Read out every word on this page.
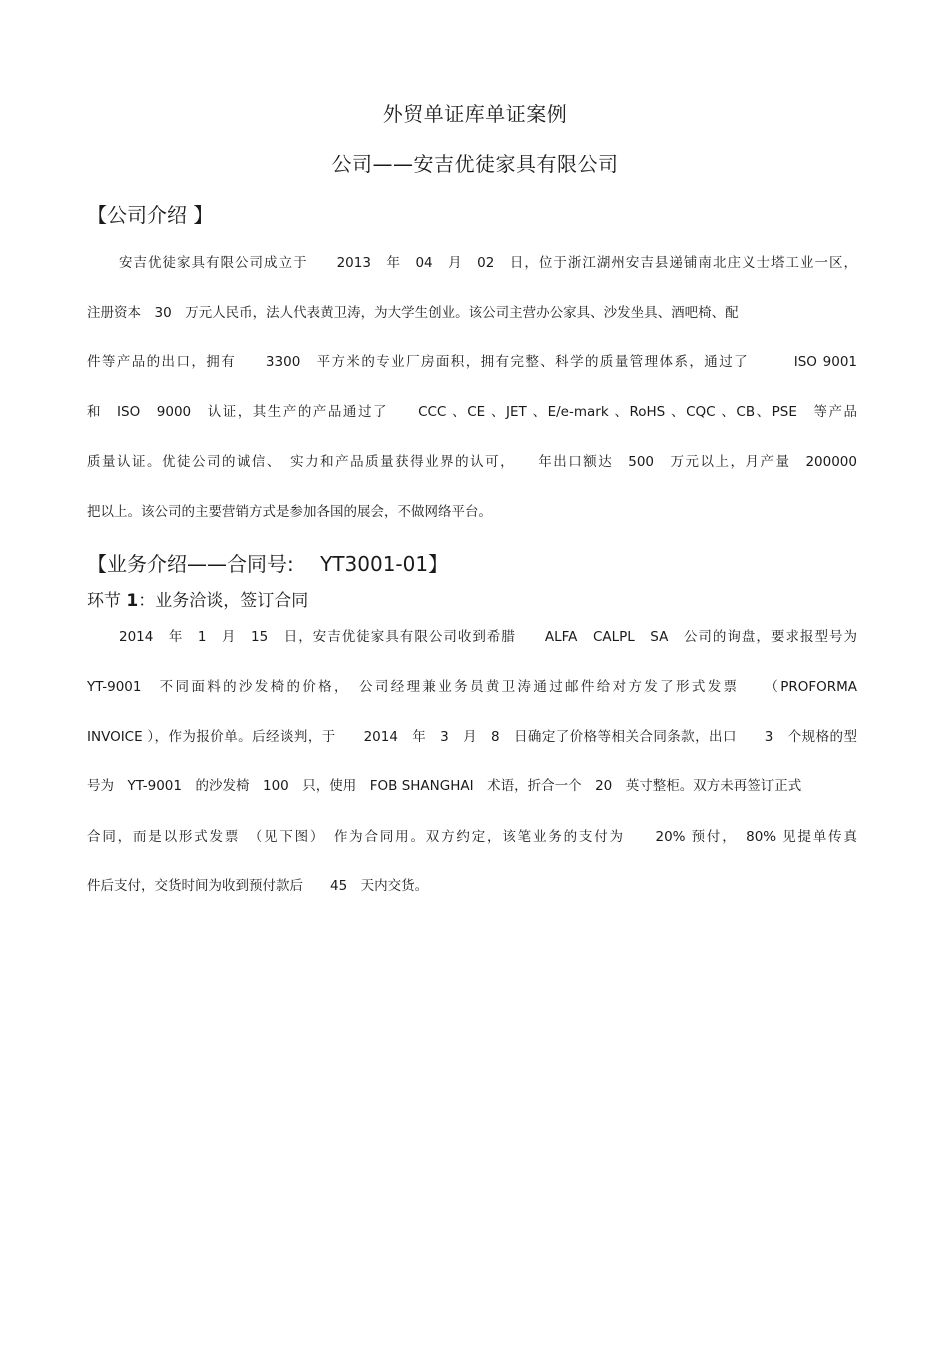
外贸单证库单证案例
公司——安吉优徒家具有限公司
【公司介绍 】
安吉优徒家具有限公司成立于　　2013　年　04　月　02　日，位于浙江湖州安吉县递铺南北庄义士塔工业一区，
注册资本　30　万元人民币，法人代表黄卫涛，为大学生创业。该公司主营办公家具、沙发坐具、酒吧椅、配
件等产品的出口，拥有　　3300　平方米的专业厂房面积，拥有完整、科学的质量管理体系，通过了　　　ISO 9001
和　ISO　9000　认证，其生产的产品通过了　　CCC 、CE 、JET 、E/e-mark 、RoHS 、CQC 、CB、PSE　等产品
质量认证。优徒公司的诚信、　实力和产品质量获得业界的认可，　　年出口额达　500　万元以上，月产量　200000
把以上。该公司的主要营销方式是参加各国的展会，不做网络平台。
【业务介绍——合同号:　 YT3001-01】
环节 1：业务洽谈，签订合同
2014　年　1　月　15　日，安吉优徒家具有限公司收到希腊　　ALFA　CALPL　SA　公司的询盘，要求报型号为
YT-9001　不同面料的沙发椅的价格，　公司经理兼业务员黄卫涛通过邮件给对方发了形式发票　　（PROFORMA
INVOICE ），作为报价单。后经谈判，于　　2014　年　3　月　8　日确定了价格等相关合同条款，出口　　3　个规格的型
号为　YT-9001　的沙发椅　100　只，使用　FOB SHANGHAI　术语，折合一个　20　英寸整柜。双方未再签订正式
合同，而是以形式发票　（见下图）　作为合同用。双方约定，该笔业务的支付为　　20% 预付，　80% 见提单传真
件后支付，交货时间为收到预付款后　　45　天内交货。
